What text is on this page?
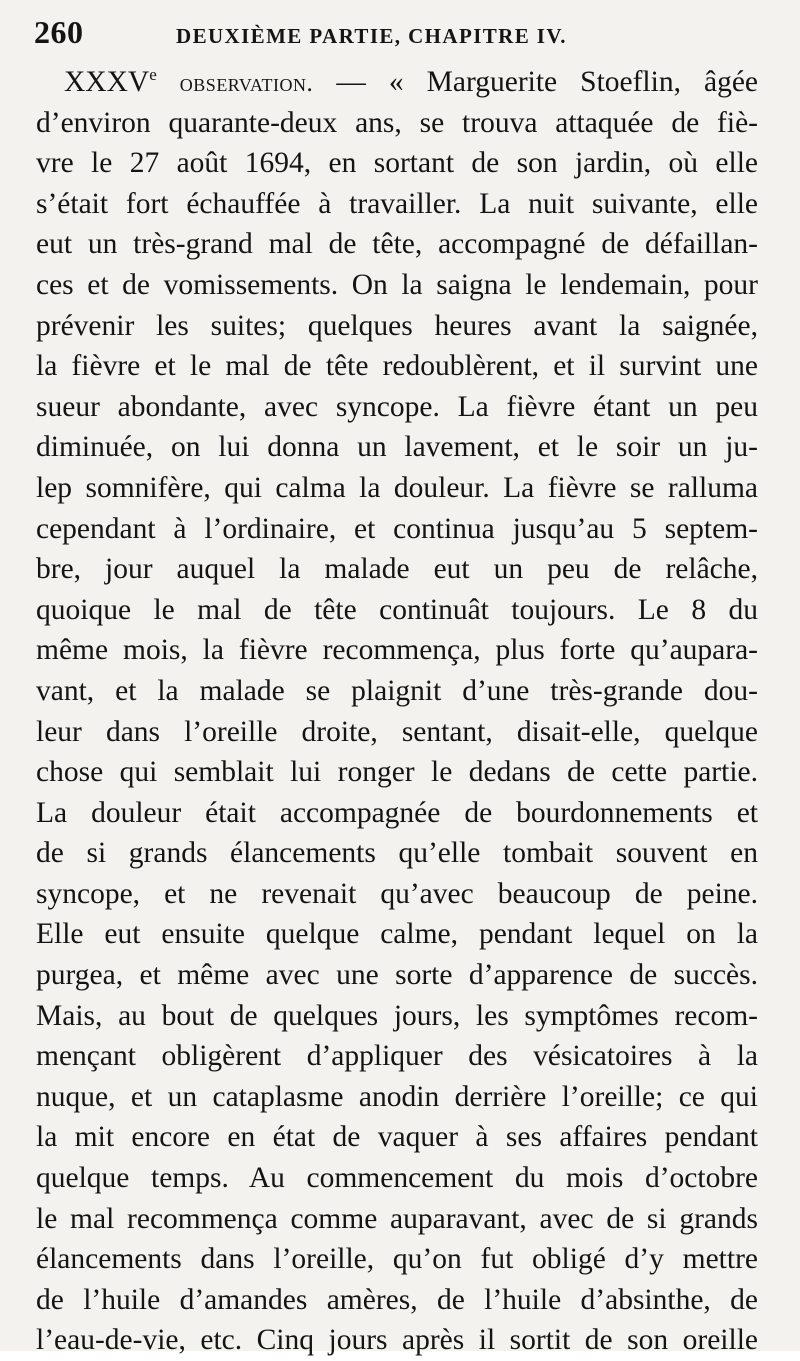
260	DEUXIÈME PARTIE, CHAPITRE IV.
XXXVe observation. — « Marguerite Stoeflin, âgée
d’environ quarante-deux ans, se trouva attaquée de fiè-
vre le 27 août 1694, en sortant de son jardin, où elle
s’était fort échauffée à travailler. La nuit suivante, elle
eut un très-grand mal de tête, accompagné de défaillan-
ces et de vomissements. On la saigna le lendemain, pour
prévenir les suites; quelques heures avant la saignée,
la fièvre et le mal de tête redoublèrent, et il survint une
sueur abondante, avec syncope. La fièvre étant un peu
diminuée, on lui donna un lavement, et le soir un ju-
lep somnifère, qui calma la douleur. La fièvre se ralluma
cependant à l’ordinaire, et continua jusqu’au 5 septem-
bre, jour auquel la malade eut un peu de relâche,
quoique le mal de tête continuât toujours. Le 8 du
même mois, la fièvre recommença, plus forte qu’aupara-
vant, et la malade se plaignit d’une très-grande dou-
leur dans l’oreille droite, sentant, disait-elle, quelque
chose qui semblait lui ronger le dedans de cette partie.
La douleur était accompagnée de bourdonnements et
de si grands élancements qu’elle tombait souvent en
syncope, et ne revenait qu’avec beaucoup de peine.
Elle eut ensuite quelque calme, pendant lequel on la
purgea, et même avec une sorte d’apparence de succès.
Mais, au bout de quelques jours, les symptômes recom-
mençant obligèrent d’appliquer des vésicatoires à la
nuque, et un cataplasme anodin derrière l’oreille; ce qui
la mit encore en état de vaquer à ses affaires pendant
quelque temps. Au commencement du mois d’octobre
le mal recommença comme auparavant, avec de si grands
élancements dans l’oreille, qu’on fut obligé d’y mettre
de l’huile d’amandes amères, de l’huile d’absinthe, de
l’eau-de-vie, etc. Cinq jours après il sortit de son oreille
